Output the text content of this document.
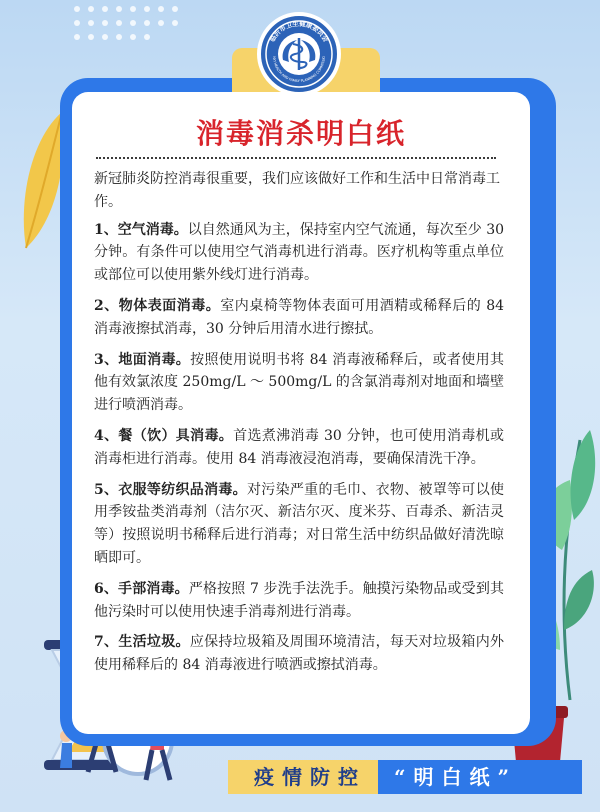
临沂市卫生健康委员会
NYI HEALTH AND FAMILY PLANNING COMMISSIO
消毒消杀明白纸

新冠肺炎防控消毒很重要，我们应该做好工作和生活中日常消毒工作。

1、空气消毒。以自然通风为主，保持室内空气流通，每次至少 30 分钟。有条件可以使用空气消毒机进行消毒。医疗机构等重点单位或部位可以使用紫外线灯进行消毒。

2、物体表面消毒。室内桌椅等物体表面可用酒精或稀释后的 84 消毒液擦拭消毒，30 分钟后用清水进行擦拭。

3、地面消毒。按照使用说明书将 84 消毒液稀释后，或者使用其他有效氯浓度 250mg/L ～ 500mg/L 的含氯消毒剂对地面和墙壁进行喷洒消毒。

4、餐（饮）具消毒。首选煮沸消毒 30 分钟，也可使用消毒机或消毒柜进行消毒。使用 84 消毒液浸泡消毒，要确保清洗干净。

5、衣服等纺织品消毒。对污染严重的毛巾、衣物、被罩等可以使用季铵盐类消毒剂（洁尔灭、新洁尔灭、度米芬、百毒杀、新洁灵等）按照说明书稀释后进行消毒；对日常生活中纺织品做好清洗晾晒即可。

6、手部消毒。严格按照 7 步洗手法洗手。触摸污染物品或受到其他污染时可以使用快速手消毒剂进行消毒。

7、生活垃圾。应保持垃圾箱及周围环境清洁，每天对垃圾箱内外使用稀释后的 84 消毒液进行喷洒或擦拭消毒。

疫情防控 “明白纸”
